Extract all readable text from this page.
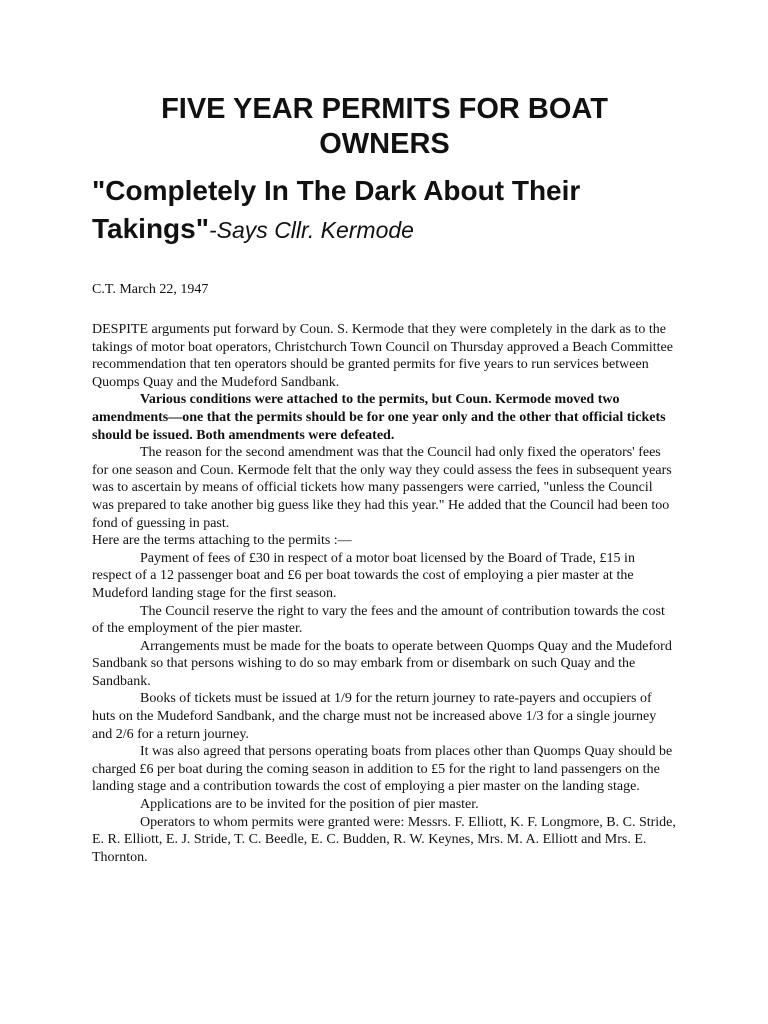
FIVE YEAR PERMITS FOR BOAT OWNERS
"Completely In The Dark About Their Takings"-Says Cllr. Kermode

C.T. March 22, 1947

DESPITE arguments put forward by Coun. S. Kermode that they were completely in the dark as to the takings of motor boat operators, Christchurch Town Council on Thursday approved a Beach Committee recommendation that ten operators should be granted permits for five years to run services between Quomps Quay and the Mudeford Sandbank.

Various conditions were attached to the permits, but Coun. Kermode moved two amendments—one that the permits should be for one year only and the other that official tickets should be issued. Both amendments were defeated.

The reason for the second amendment was that the Council had only fixed the operators' fees for one season and Coun. Kermode felt that the only way they could assess the fees in subsequent years was to ascertain by means of official tickets how many passengers were carried, "unless the Council was prepared to take another big guess like they had this year." He added that the Council had been too fond of guessing in past.

Here are the terms attaching to the permits :—

Payment of fees of £30 in respect of a motor boat licensed by the Board of Trade, £15 in respect of a 12 passenger boat and £6 per boat towards the cost of employing a pier master at the Mudeford landing stage for the first season.

The Council reserve the right to vary the fees and the amount of contribution towards the cost of the employment of the pier master.

Arrangements must be made for the boats to operate between Quomps Quay and the Mudeford Sandbank so that persons wishing to do so may embark from or disembark on such Quay and the Sandbank.

Books of tickets must be issued at 1/9 for the return journey to rate-payers and occupiers of huts on the Mudeford Sandbank, and the charge must not be increased above 1/3 for a single journey and 2/6 for a return journey.

It was also agreed that persons operating boats from places other than Quomps Quay should be charged £6 per boat during the coming season in addition to £5 for the right to land passengers on the landing stage and a contribution towards the cost of employing a pier master on the landing stage.

Applications are to be invited for the position of pier master.

Operators to whom permits were granted were: Messrs. F. Elliott, K. F. Longmore, B. C. Stride, E. R. Elliott, E. J. Stride, T. C. Beedle, E. C. Budden, R. W. Keynes, Mrs. M. A. Elliott and Mrs. E. Thornton.
